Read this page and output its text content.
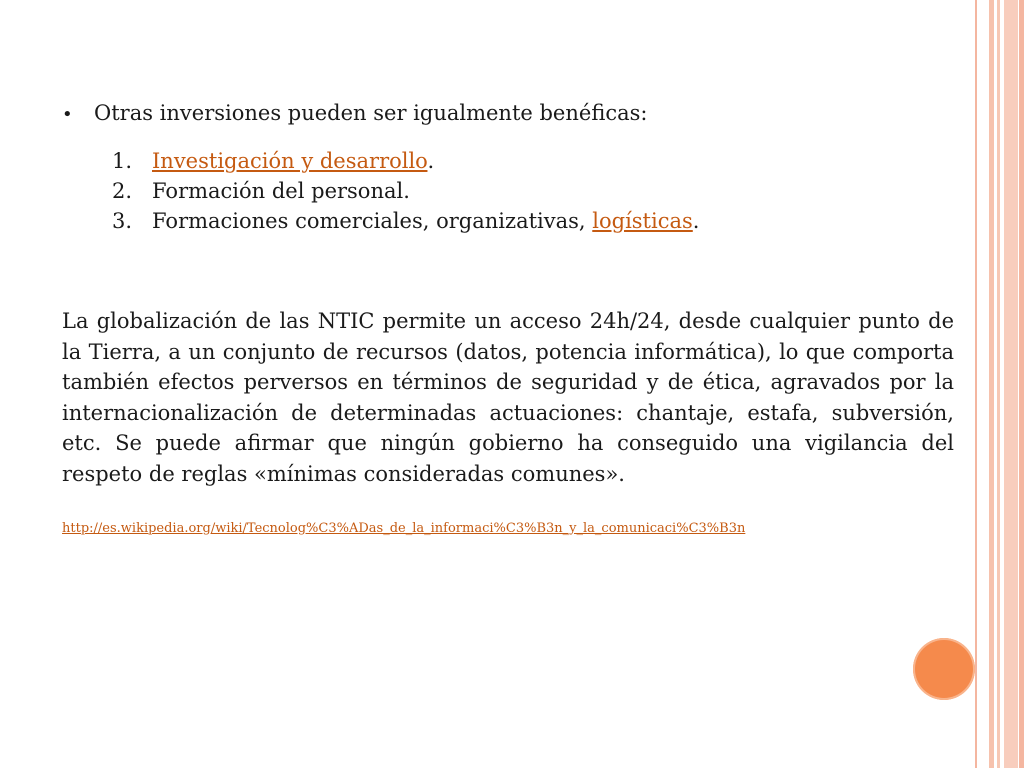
•	Otras inversiones pueden ser igualmente benéficas:
1. Investigación y desarrollo.
2. Formación del personal.
3. Formaciones comerciales, organizativas, logísticas.

La globalización de las NTIC permite un acceso 24h/24, desde cualquier punto de la Tierra, a un conjunto de recursos (datos, potencia informática), lo que comporta también efectos perversos en términos de seguridad y de ética, agravados por la internacionalización de determinadas actuaciones: chantaje, estafa, subversión, etc. Se puede afirmar que ningún gobierno ha conseguido una vigilancia del respeto de reglas «mínimas consideradas comunes».

http://es.wikipedia.org/wiki/Tecnolog%C3%ADas_de_la_informaci%C3%B3n_y_la_comunicaci%C3%B3n
